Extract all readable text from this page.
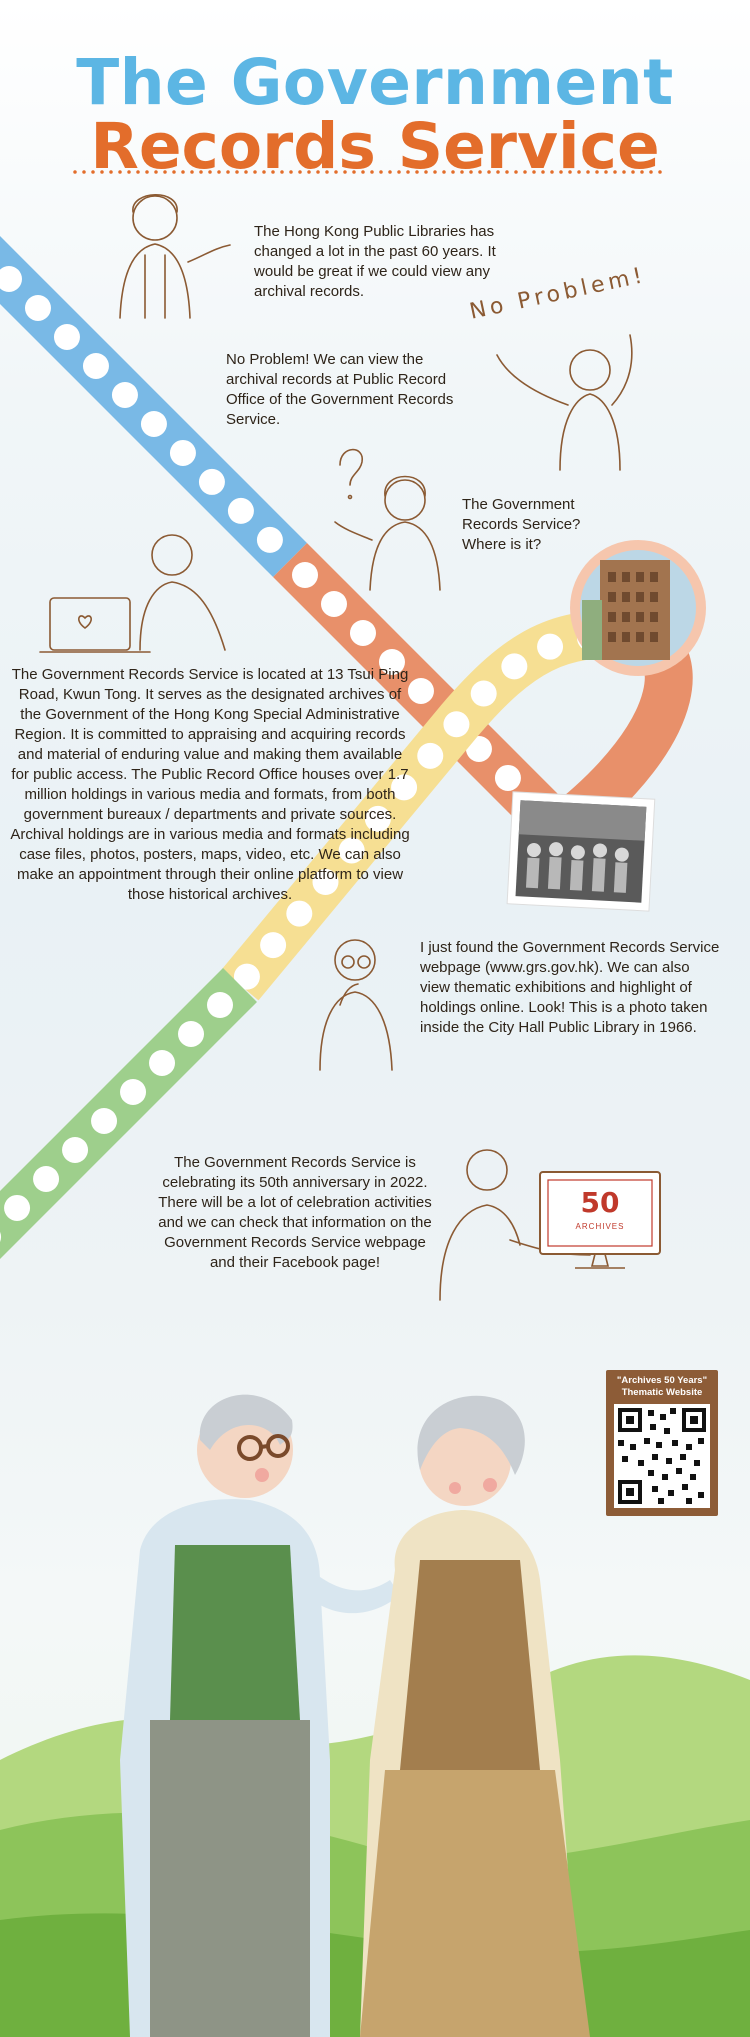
The Government
Records Service
The Hong Kong Public Libraries has changed a lot in the past 60 years. It would be great if we could view any archival records.	No Problem!
No Problem! We can view the archival records at Public Record Office of the Government Records Service.
The Government Records Service? Where is it?
The Government Records Service is located at 13 Tsui Ping Road, Kwun Tong. It serves as the designated archives of the Government of the Hong Kong Special Administrative Region. It is committed to appraising and acquiring records and material of enduring value and making them available for public access. The Public Record Office houses over 1.7 million holdings in various media and formats, from both government bureaux / departments and private sources. Archival holdings are in various media and formats including case files, photos, posters, maps, video, etc. We can also make an appointment through their online platform to view those historical archives.
I just found the Government Records Service webpage (www.grs.gov.hk). We can also view thematic exhibitions and highlight of holdings online. Look! This is a photo taken inside the City Hall Public Library in 1966.
The Government Records Service is celebrating its 50th anniversary in 2022. There will be a lot of celebration activities and we can check that information on the Government Records Service webpage and their Facebook page!
50
ARCHIVES
"Archives 50 Years"
Thematic Website
